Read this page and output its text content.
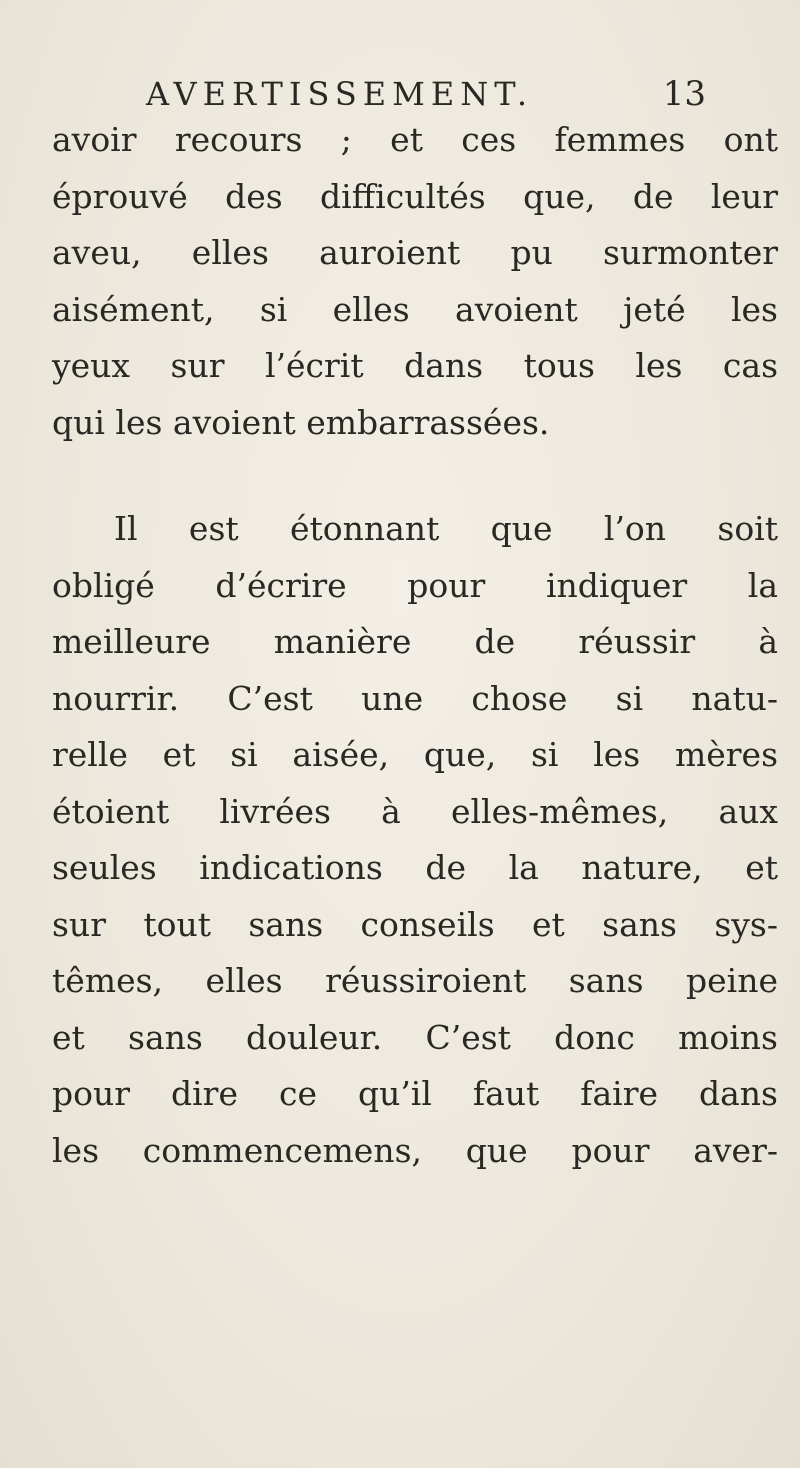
AVERTISSEMENT.	13
avoir recours ; et ces femmes ont
éprouvé des difficultés que, de leur
aveu, elles auroient pu surmonter
aisément, si elles avoient jeté les
yeux sur l’écrit dans tous les cas
qui les avoient embarrassées.
Il est étonnant que l’on soit
obligé d’écrire pour indiquer la
meilleure manière de réussir à
nourrir. C’est une chose si natu-
relle et si aisée, que, si les mères
étoient livrées à elles-mêmes, aux
seules indications de la nature, et
sur tout sans conseils et sans sys-
têmes, elles réussiroient sans peine
et sans douleur. C’est donc moins
pour dire ce qu’il faut faire dans
les commencemens, que pour aver-
